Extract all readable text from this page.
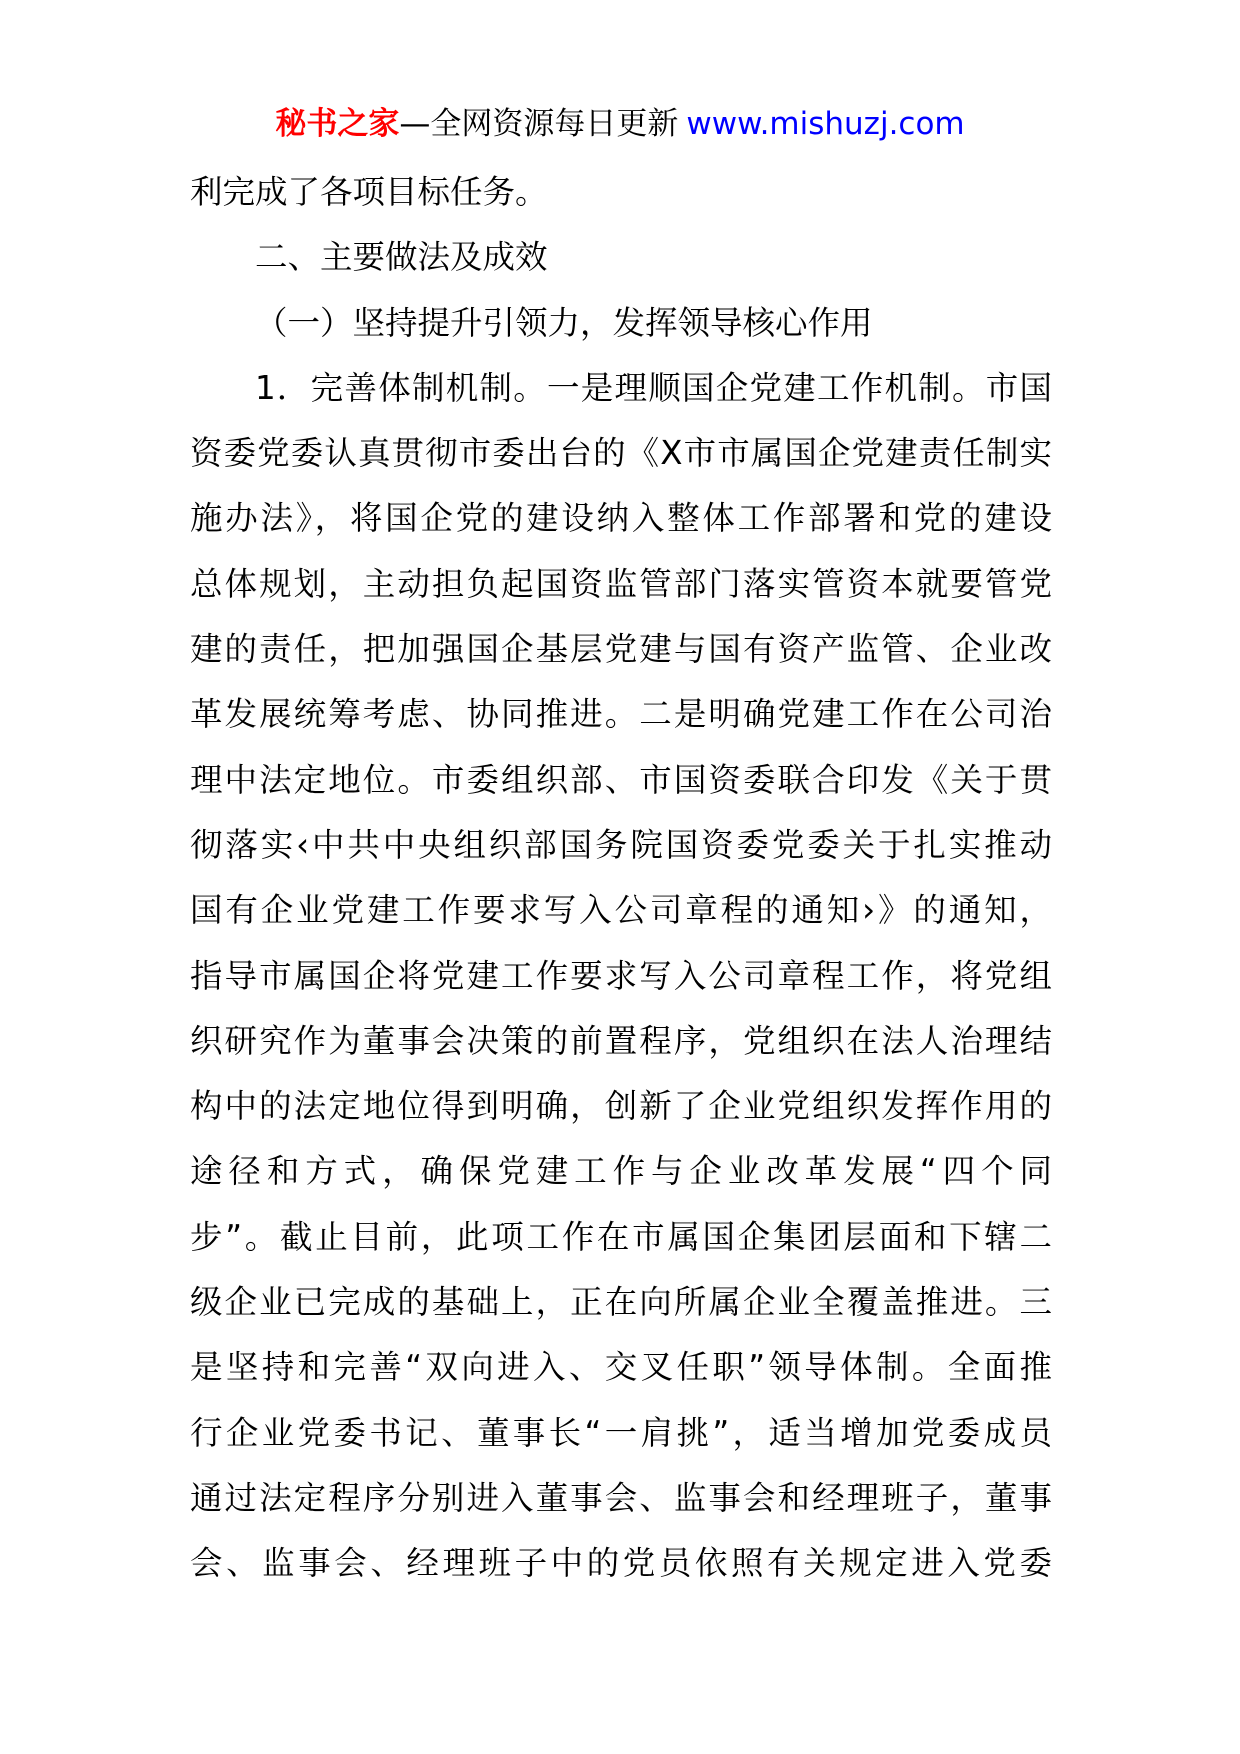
秘书之家—全网资源每日更新 www.mishuzj.com
利完成了各项目标任务。
二、主要做法及成效
（一）坚持提升引领力，发挥领导核心作用
1．完善体制机制。一是理顺国企党建工作机制。市国
资委党委认真贯彻市委出台的《X市市属国企党建责任制实
施办法》，将国企党的建设纳入整体工作部署和党的建设
总体规划，主动担负起国资监管部门落实管资本就要管党
建的责任，把加强国企基层党建与国有资产监管、企业改
革发展统筹考虑、协同推进。二是明确党建工作在公司治
理中法定地位。市委组织部、市国资委联合印发《关于贯
彻落实‹中共中央组织部国务院国资委党委关于扎实推动
国有企业党建工作要求写入公司章程的通知›》的通知，
指导市属国企将党建工作要求写入公司章程工作，将党组
织研究作为董事会决策的前置程序，党组织在法人治理结
构中的法定地位得到明确，创新了企业党组织发挥作用的
途径和方式，确保党建工作与企业改革发展“四个同
步”。截止目前，此项工作在市属国企集团层面和下辖二
级企业已完成的基础上，正在向所属企业全覆盖推进。三
是坚持和完善“双向进入、交叉任职”领导体制。全面推
行企业党委书记、董事长“一肩挑”，适当增加党委成员
通过法定程序分别进入董事会、监事会和经理班子，董事
会、监事会、经理班子中的党员依照有关规定进入党委
